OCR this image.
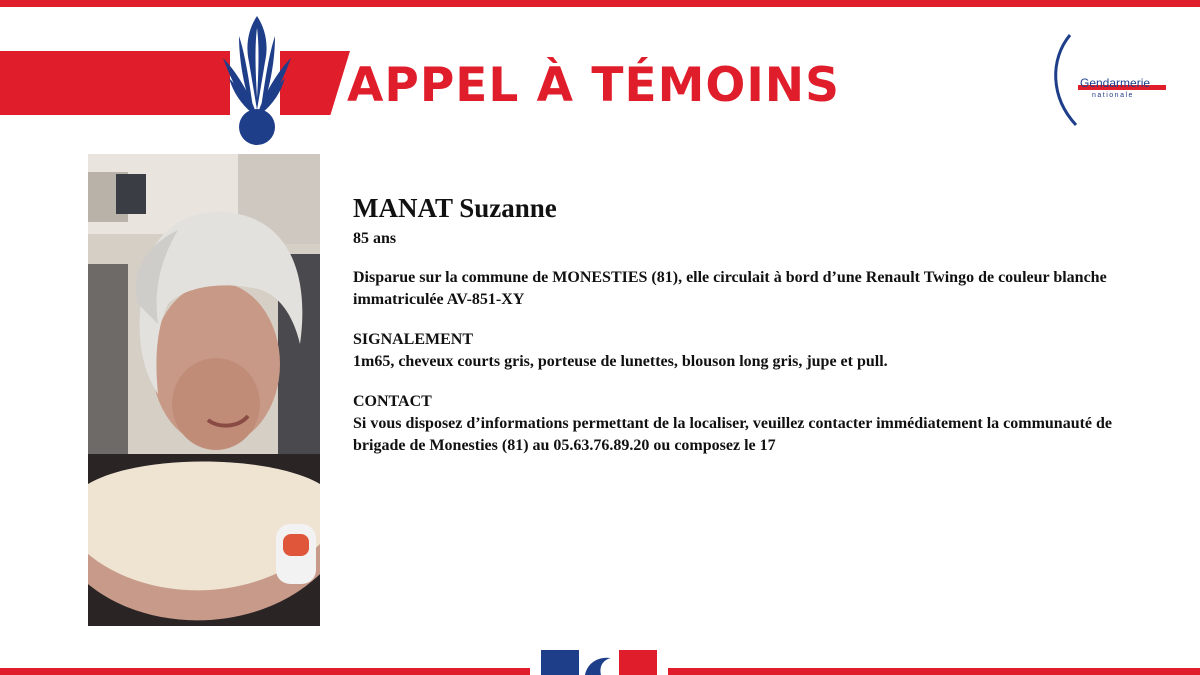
APPEL À TÉMOINS	Gendarmerie
nationale

MANAT Suzanne

85 ans

Disparue sur la commune de MONESTIES (81), elle circulait à bord d’une Renault Twingo de couleur blanche immatriculée AV-851-XY

SIGNALEMENT

1m65, cheveux courts gris, porteuse de lunettes, blouson long gris, jupe et pull.

CONTACT

Si vous disposez d’informations permettant de la localiser, veuillez contacter immédiatement la communauté de brigade de Monesties (81) au 05.63.76.89.20 ou composez le 17
